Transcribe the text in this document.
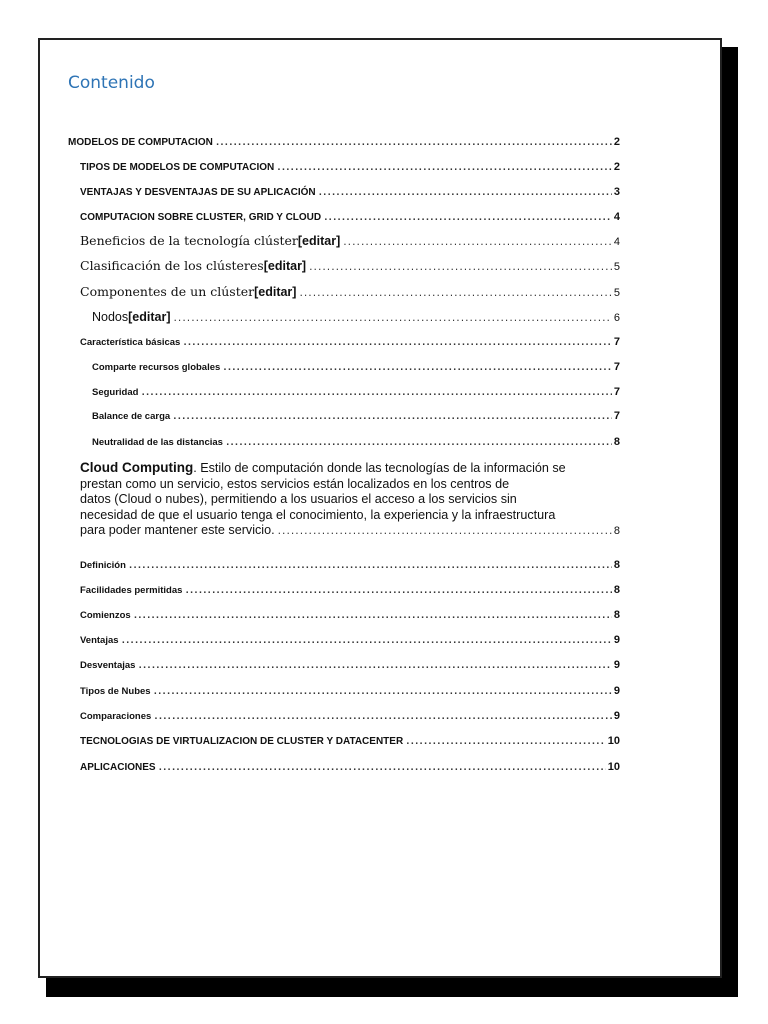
Contenido
MODELOS DE COMPUTACION .....	2
TIPOS DE MODELOS DE COMPUTACION .....	2
VENTAJAS Y DESVENTAJAS DE SU APLICACIÓN .....	3
COMPUTACION SOBRE CLUSTER, GRID Y CLOUD .....	4
Beneficios de la tecnología clúster[editar] .....	4
Clasificación de los clústeres[editar] .....	5
Componentes de un clúster[editar] .....	5
Nodos[editar] .....	6
Característica básicas .....	7
Comparte recursos globales .....	7
Seguridad .....	7
Balance de carga .....	7
Neutralidad de las distancias .....	8
Cloud Computing. Estilo de computación donde las tecnologías de la información se
prestan como un servicio, estos servicios están localizados en los centros de
datos (Cloud o nubes), permitiendo a los usuarios el acceso a los servicios sin
necesidad de que el usuario tenga el conocimiento, la experiencia y la infraestructura
para poder mantener este servicio. .....	8
Definición .....	8
Facilidades permitidas .....	8
Comienzos .....	8
Ventajas .....	9
Desventajas .....	9
Tipos de Nubes .....	9
Comparaciones .....	9
TECNOLOGIAS DE VIRTUALIZACION DE CLUSTER Y DATACENTER .....	10
APLICACIONES .....	10
